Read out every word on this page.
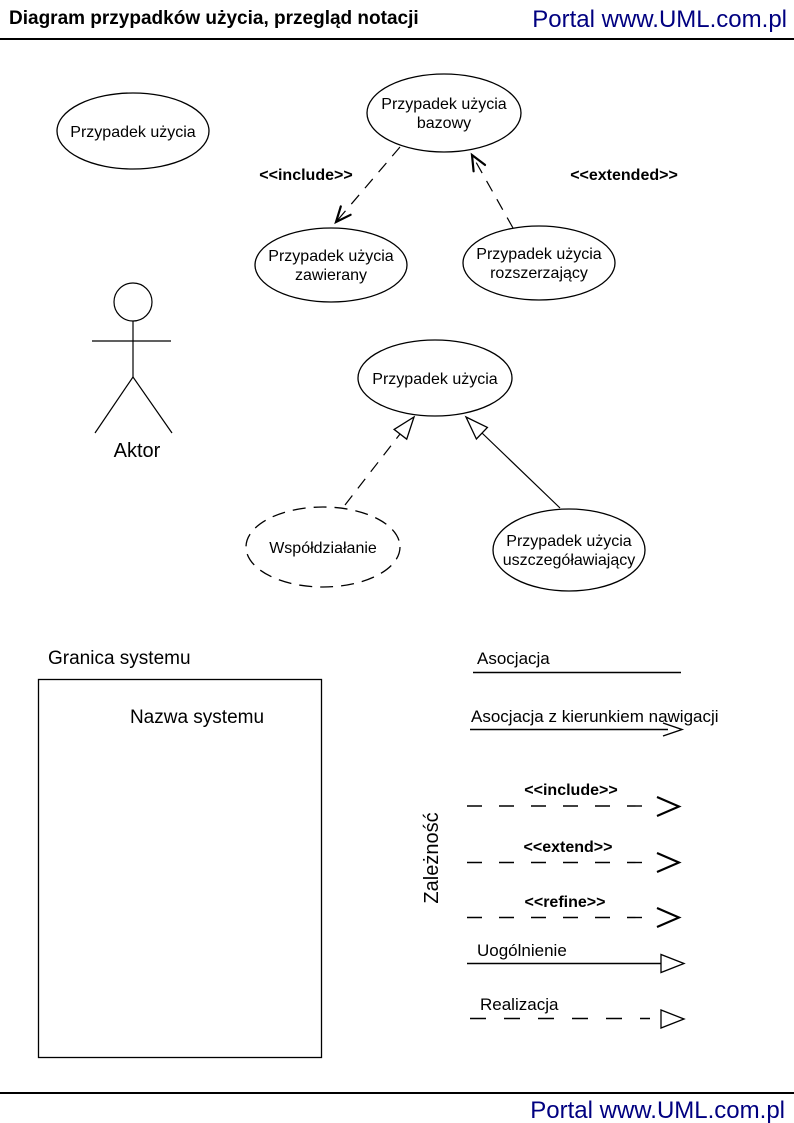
Diagram przypadków użycia, przegląd notacji	Portal www.UML.com.pl
Przypadek użycia
Przypadek użycia
bazowy
<<include>>	<<extended>>
Przypadek użycia
zawierany
Przypadek użycia
rozszerzający
Aktor
Przypadek użycia
Współdziałanie	Przypadek użycia
uszczegóławiający
Granica systemu
Nazwa systemu
Asocjacja
Asocjacja z kierunkiem nawigacji
Zależność
<<include>>
<<extend>>
<<refine>>
Uogólnienie
Realizacja
Portal www.UML.com.pl
